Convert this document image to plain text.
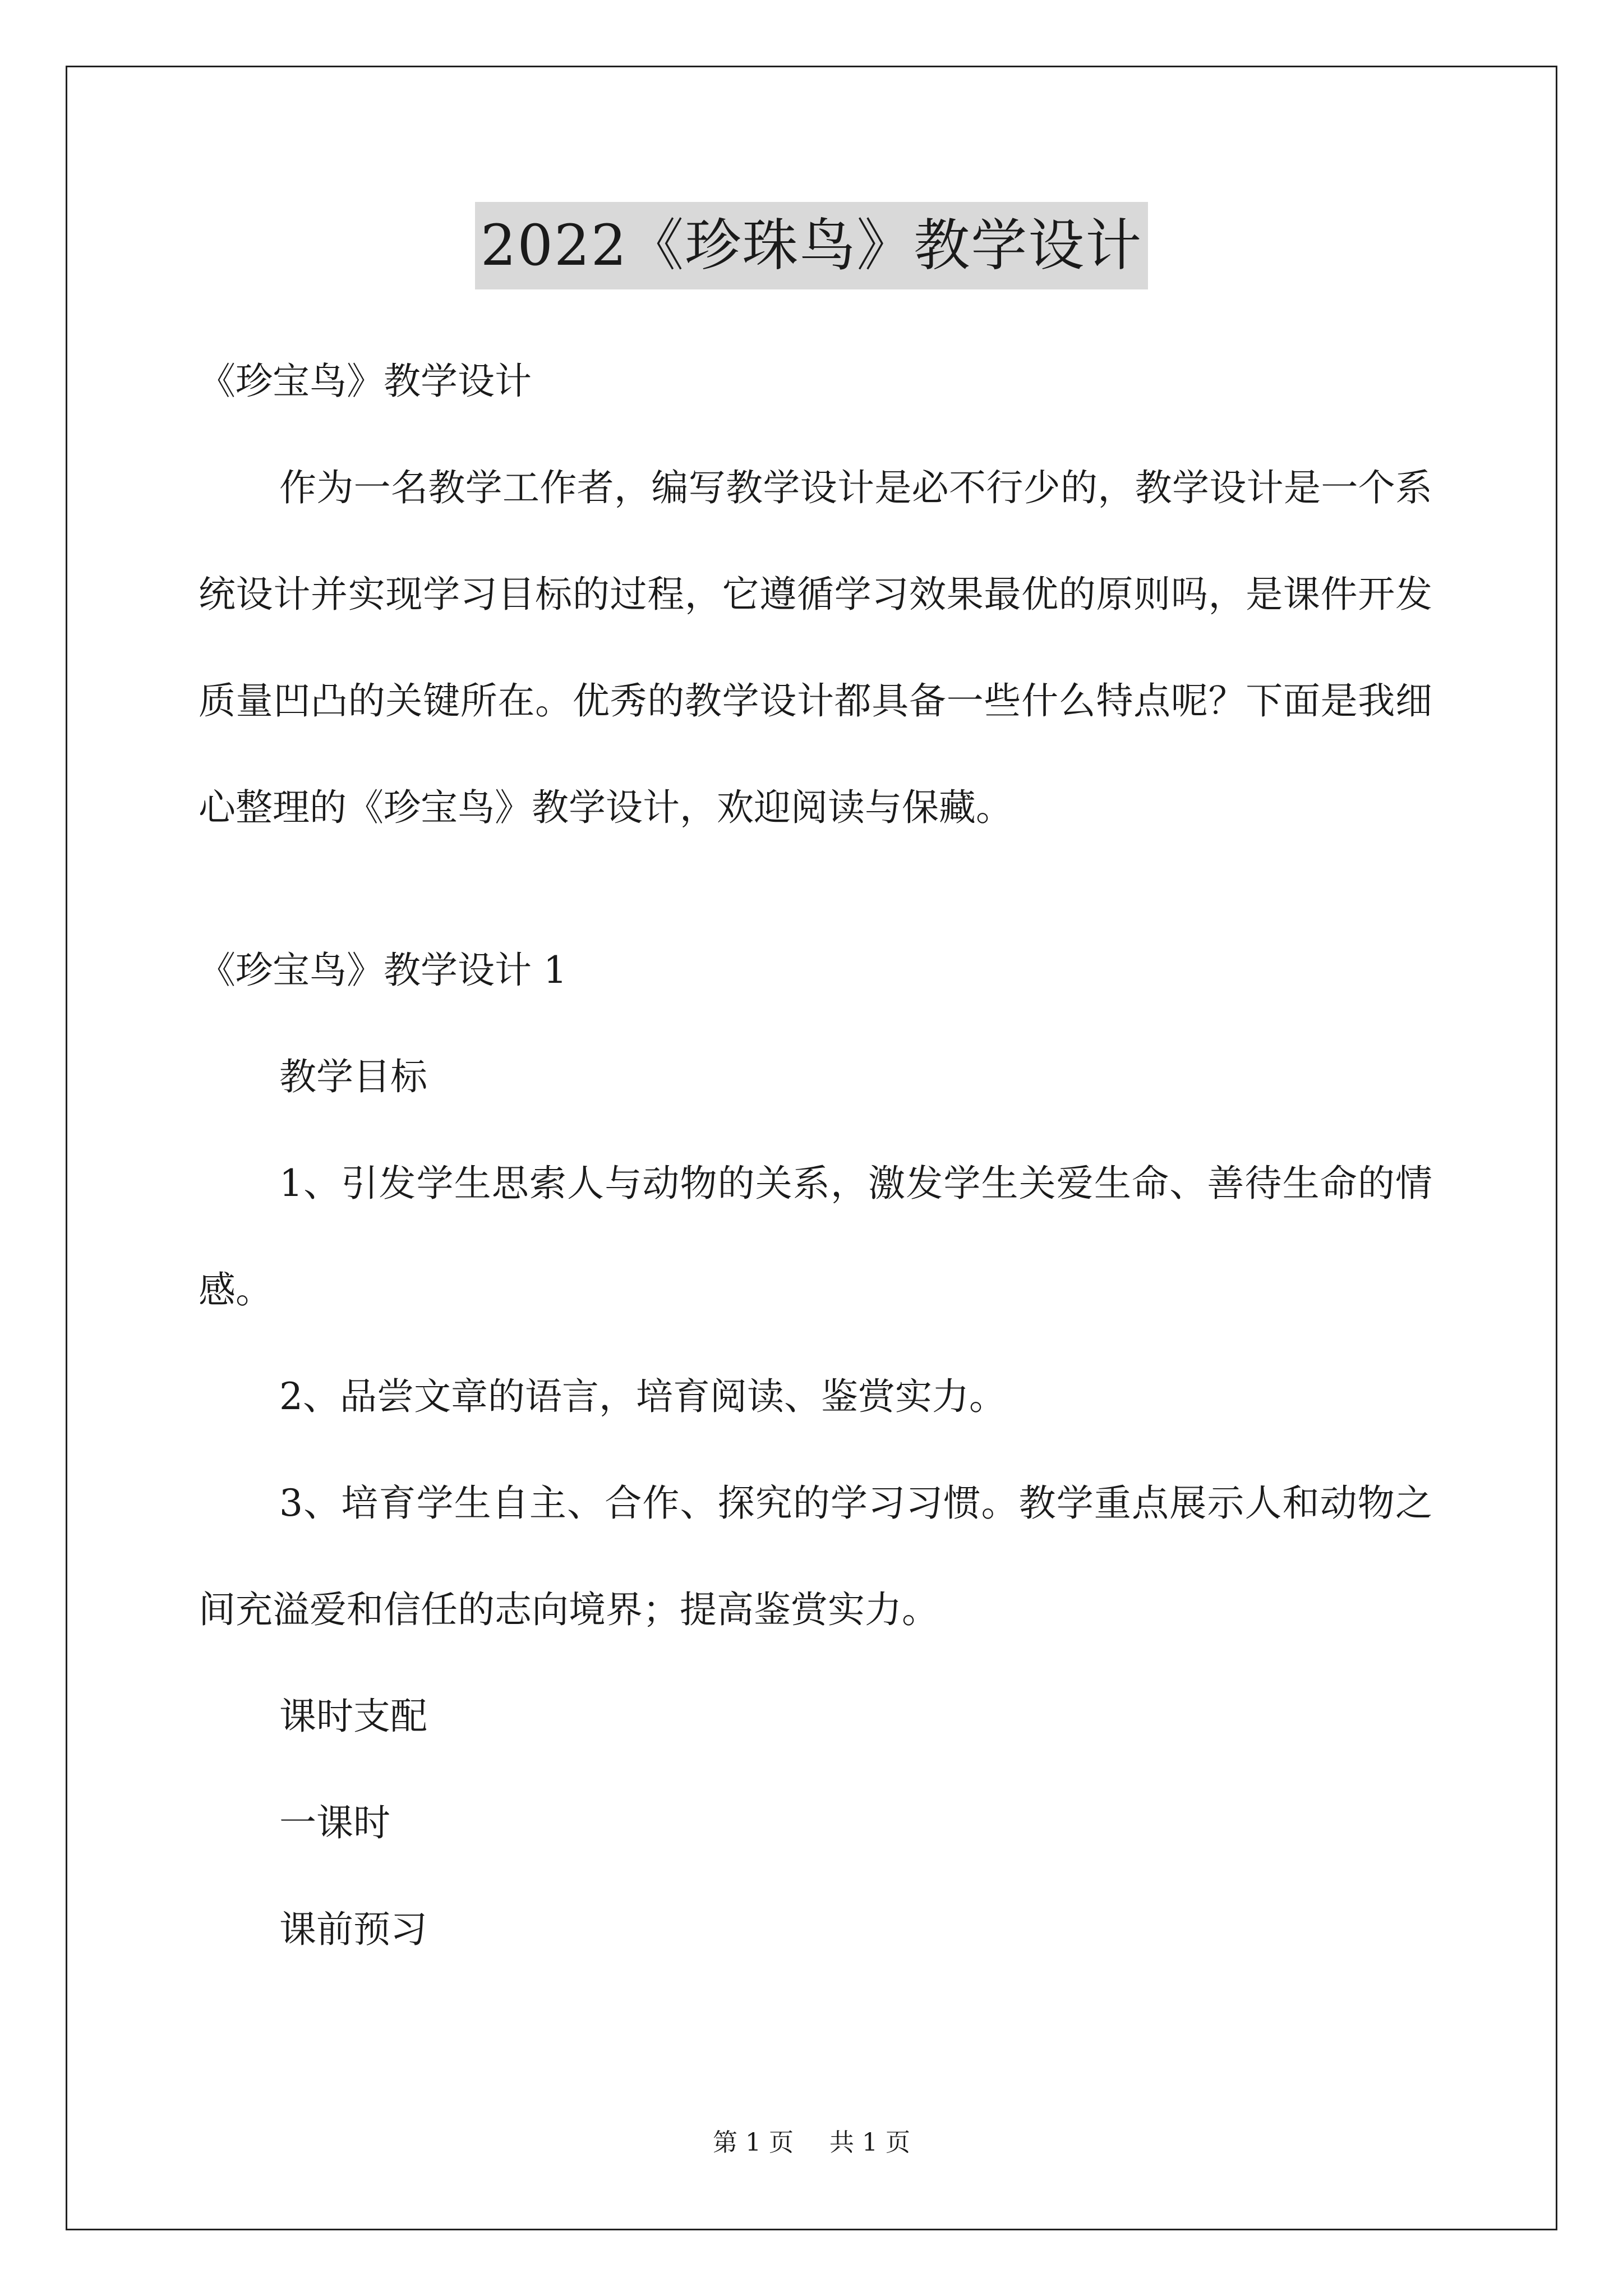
2022《珍珠鸟》教学设计

《珍宝鸟》教学设计

作为一名教学工作者，编写教学设计是必不行少的，教学设计是一个系统设计并实现学习目标的过程，它遵循学习效果最优的原则吗，是课件开发质量凹凸的关键所在。优秀的教学设计都具备一些什么特点呢？下面是我细心整理的《珍宝鸟》教学设计，欢迎阅读与保藏。

《珍宝鸟》教学设计 1

教学目标

1、引发学生思索人与动物的关系，激发学生关爱生命、善待生命的情感。

2、品尝文章的语言，培育阅读、鉴赏实力。

3、培育学生自主、合作、探究的学习习惯。教学重点展示人和动物之间充溢爱和信任的志向境界；提高鉴赏实力。

课时支配

一课时

课前预习

第 1 页 共 1 页
